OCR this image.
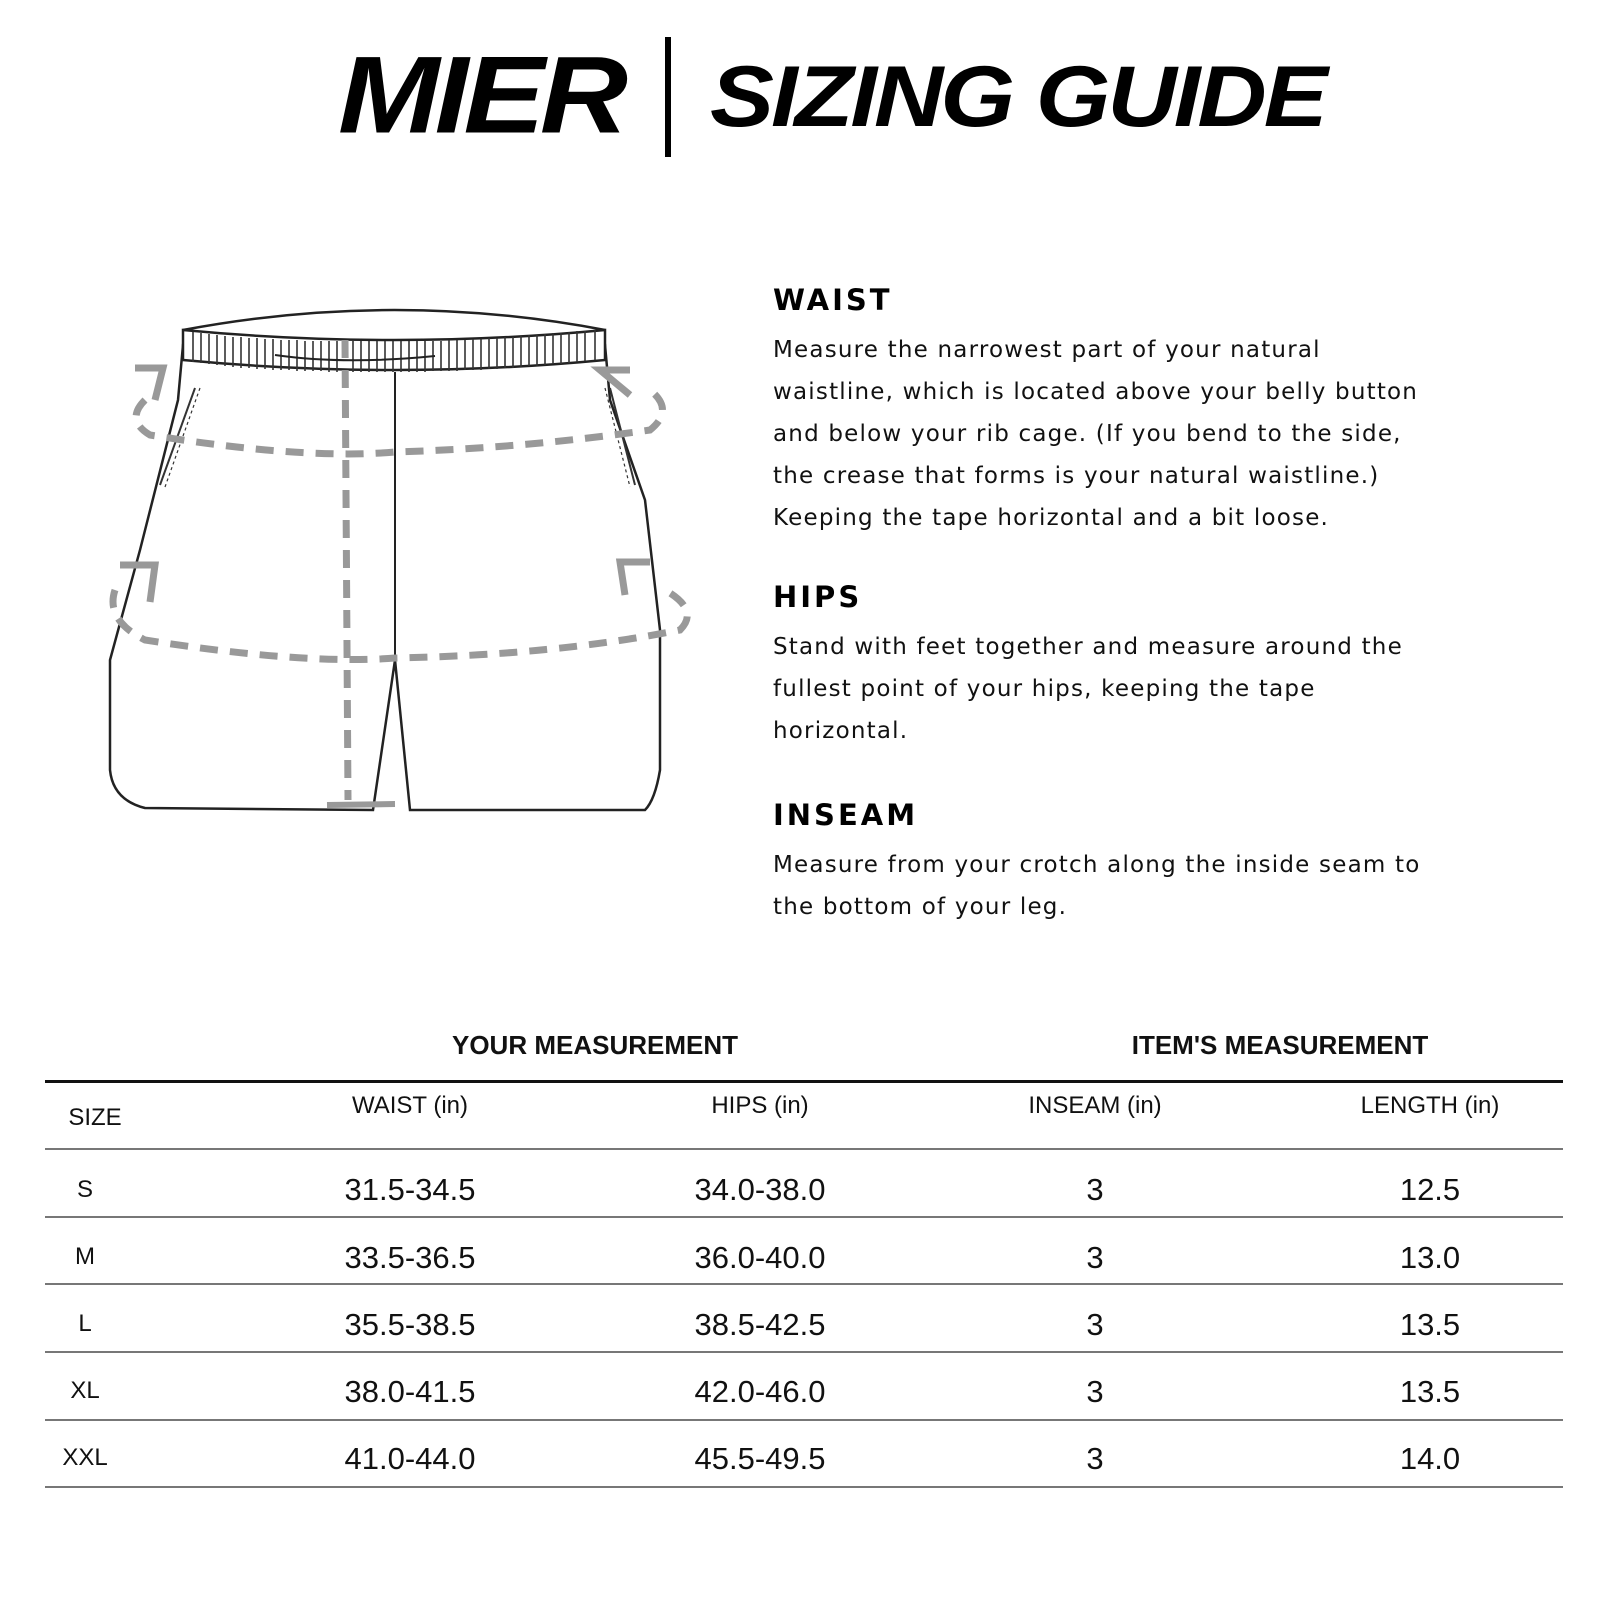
MIER SIZING GUIDE
WAIST

Measure the narrowest part of your natural
waistline, which is located above your belly button
and below your rib cage. (If you bend to the side,
the crease that forms is your natural waistline.)
Keeping the tape horizontal and a bit loose.

HIPS

Stand with feet together and measure around the
fullest point of your hips, keeping the tape
horizontal.

INSEAM

Measure from your crotch along the inside seam to
the bottom of your leg.

YOUR MEASUREMENT	ITEM'S MEASUREMENT
SIZE	WAIST (in)	HIPS (in)	INSEAM (in)	LENGTH (in)
S	31.5-34.5	34.0-38.0	3	12.5
M	33.5-36.5	36.0-40.0	3	13.0
L	35.5-38.5	38.5-42.5	3	13.5
XL	38.0-41.5	42.0-46.0	3	13.5
XXL	41.0-44.0	45.5-49.5	3	14.0
